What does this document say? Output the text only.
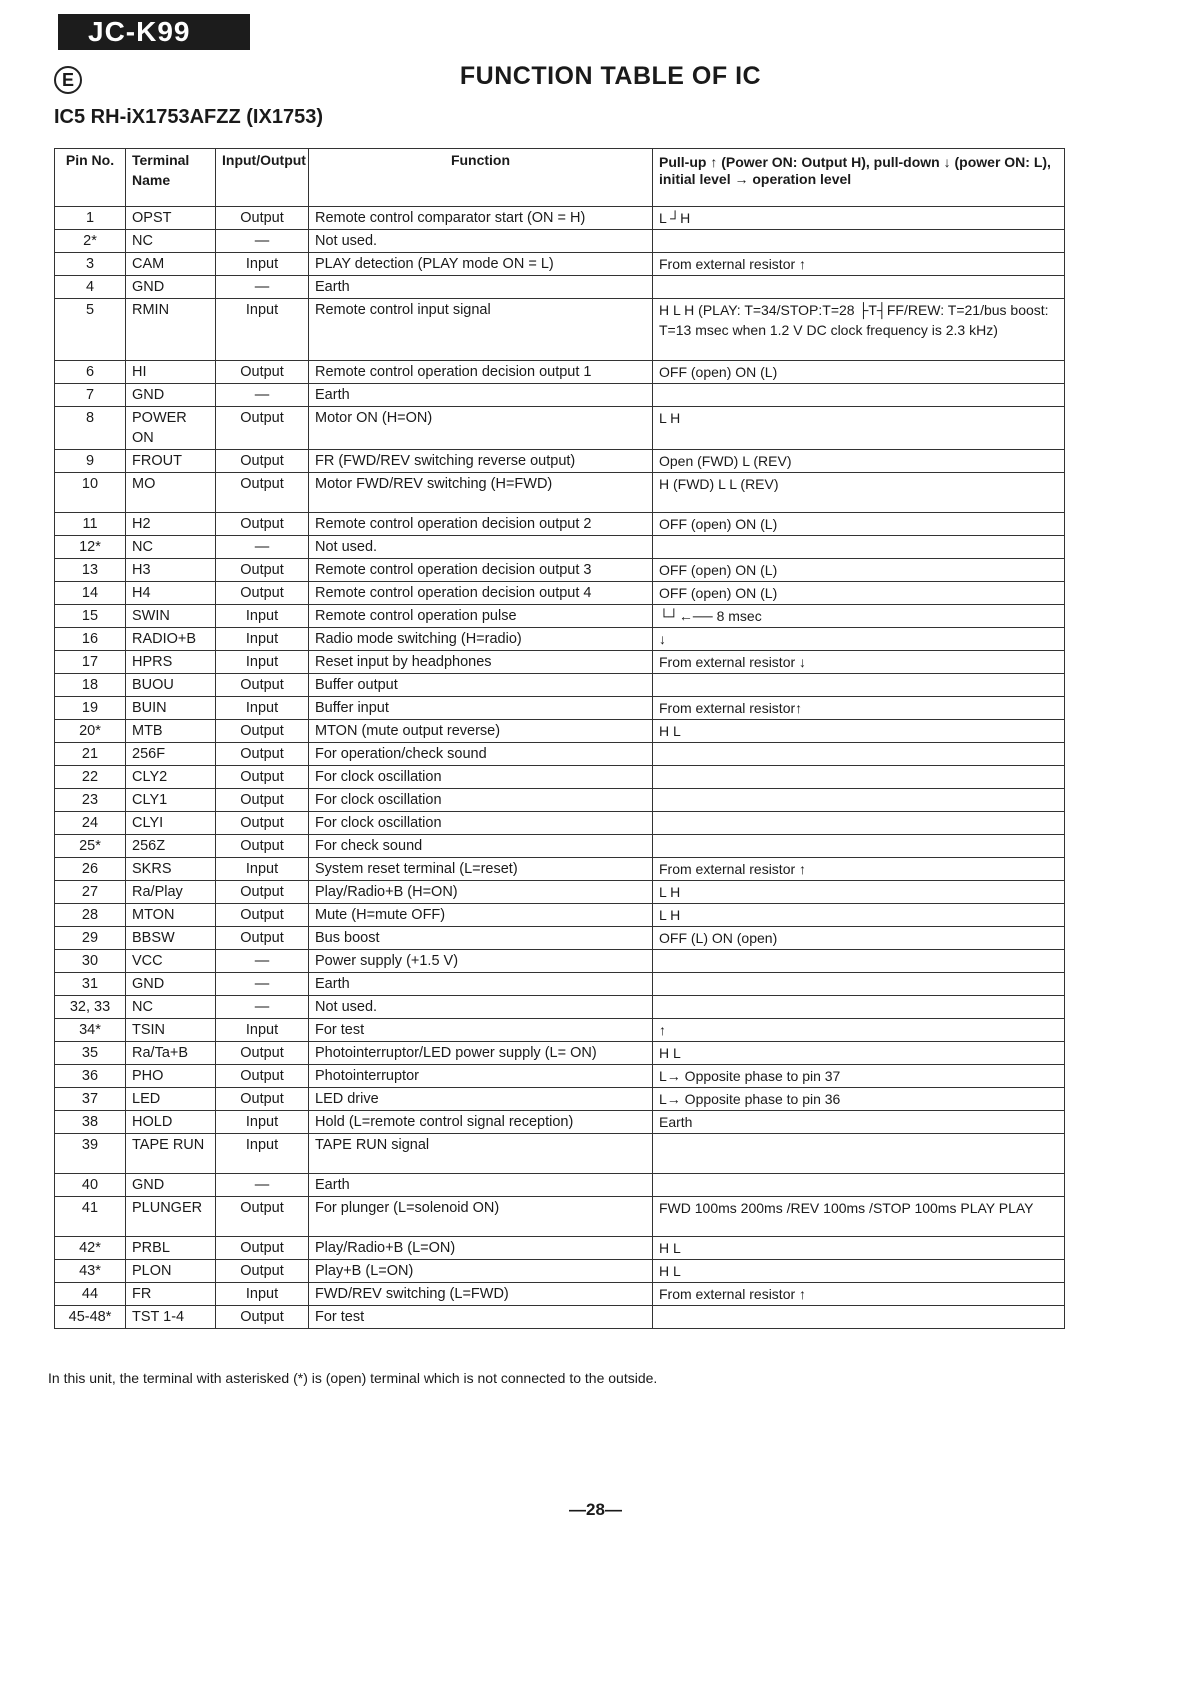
JC-K99
E	FUNCTION TABLE OF IC
IC5 RH-iX1753AFZZ (IX1753)
Pin No.	Terminal Name	Input/Output	Function	Pull-up ↑ (Power ON: Output H), pull-down ↓ (power ON: L), initial level → operation level

1	OPST	Output	Remote control comparator start (ON = H)	L ┘H
2*	NC	—	Not used.	
3	CAM	Input	PLAY detection (PLAY mode ON = L)	From external resistor ↑
4	GND	—	Earth	
5	RMIN	Input	Remote control input signal	H L H (PLAY: T=34/STOP:T=28 ├T┤FF/REW: T=21/bus boost: T=13 msec when 1.2 V DC clock frequency is 2.3 kHz)
6	HI	Output	Remote control operation decision output 1	OFF (open) ON (L)
7	GND	—	Earth	
8	POWER ON	Output	Motor ON (H=ON)	L H
9	FROUT	Output	FR (FWD/REV switching reverse output)	Open (FWD) L (REV)
10	MO	Output	Motor FWD/REV switching (H=FWD)	H (FWD) L L (REV)
11	H2	Output	Remote control operation decision output 2	OFF (open) ON (L)
12*	NC	—	Not used.	
13	H3	Output	Remote control operation decision output 3	OFF (open) ON (L)
14	H4	Output	Remote control operation decision output 4	OFF (open) ON (L)
15	SWIN	Input	Remote control operation pulse	└┘←── 8 msec
16	RADIO+B	Input	Radio mode switching (H=radio)	↓
17	HPRS	Input	Reset input by headphones	From external resistor ↓
18	BUOU	Output	Buffer output	
19	BUIN	Input	Buffer input	From external resistor↑
20*	MTB	Output	MTON (mute output reverse)	H L
21	256F	Output	For operation/check sound	
22	CLY2	Output	For clock oscillation	
23	CLY1	Output	For clock oscillation	
24	CLYI	Output	For clock oscillation	
25*	256Z	Output	For check sound	
26	SKRS	Input	System reset terminal (L=reset)	From external resistor ↑
27	Ra/Play	Output	Play/Radio+B (H=ON)	L H
28	MTON	Output	Mute (H=mute OFF)	L H
29	BBSW	Output	Bus boost	OFF (L) ON (open)
30	VCC	—	Power supply (+1.5 V)	
31	GND	—	Earth	
32, 33	NC	—	Not used.	
34*	TSIN	Input	For test	↑
35	Ra/Ta+B	Output	Photointerruptor/LED power supply (L= ON)	H L
36	PHO	Output	Photointerruptor	L→ Opposite phase to pin 37
37	LED	Output	LED drive	L→ Opposite phase to pin 36
38	HOLD	Input	Hold (L=remote control signal reception)	Earth
39	TAPE RUN	Input	TAPE RUN signal	
40	GND	—	Earth	
41	PLUNGER	Output	For plunger (L=solenoid ON)	FWD 100ms 200ms /REV 100ms /STOP 100ms PLAY PLAY
42*	PRBL	Output	Play/Radio+B (L=ON)	H L
43*	PLON	Output	Play+B (L=ON)	H L
44	FR	Input	FWD/REV switching (L=FWD)	From external resistor ↑
45-48*	TST 1-4	Output	For test	
In this unit, the terminal with asterisked (*) is (open) terminal which is not connected to the outside.
—28—
